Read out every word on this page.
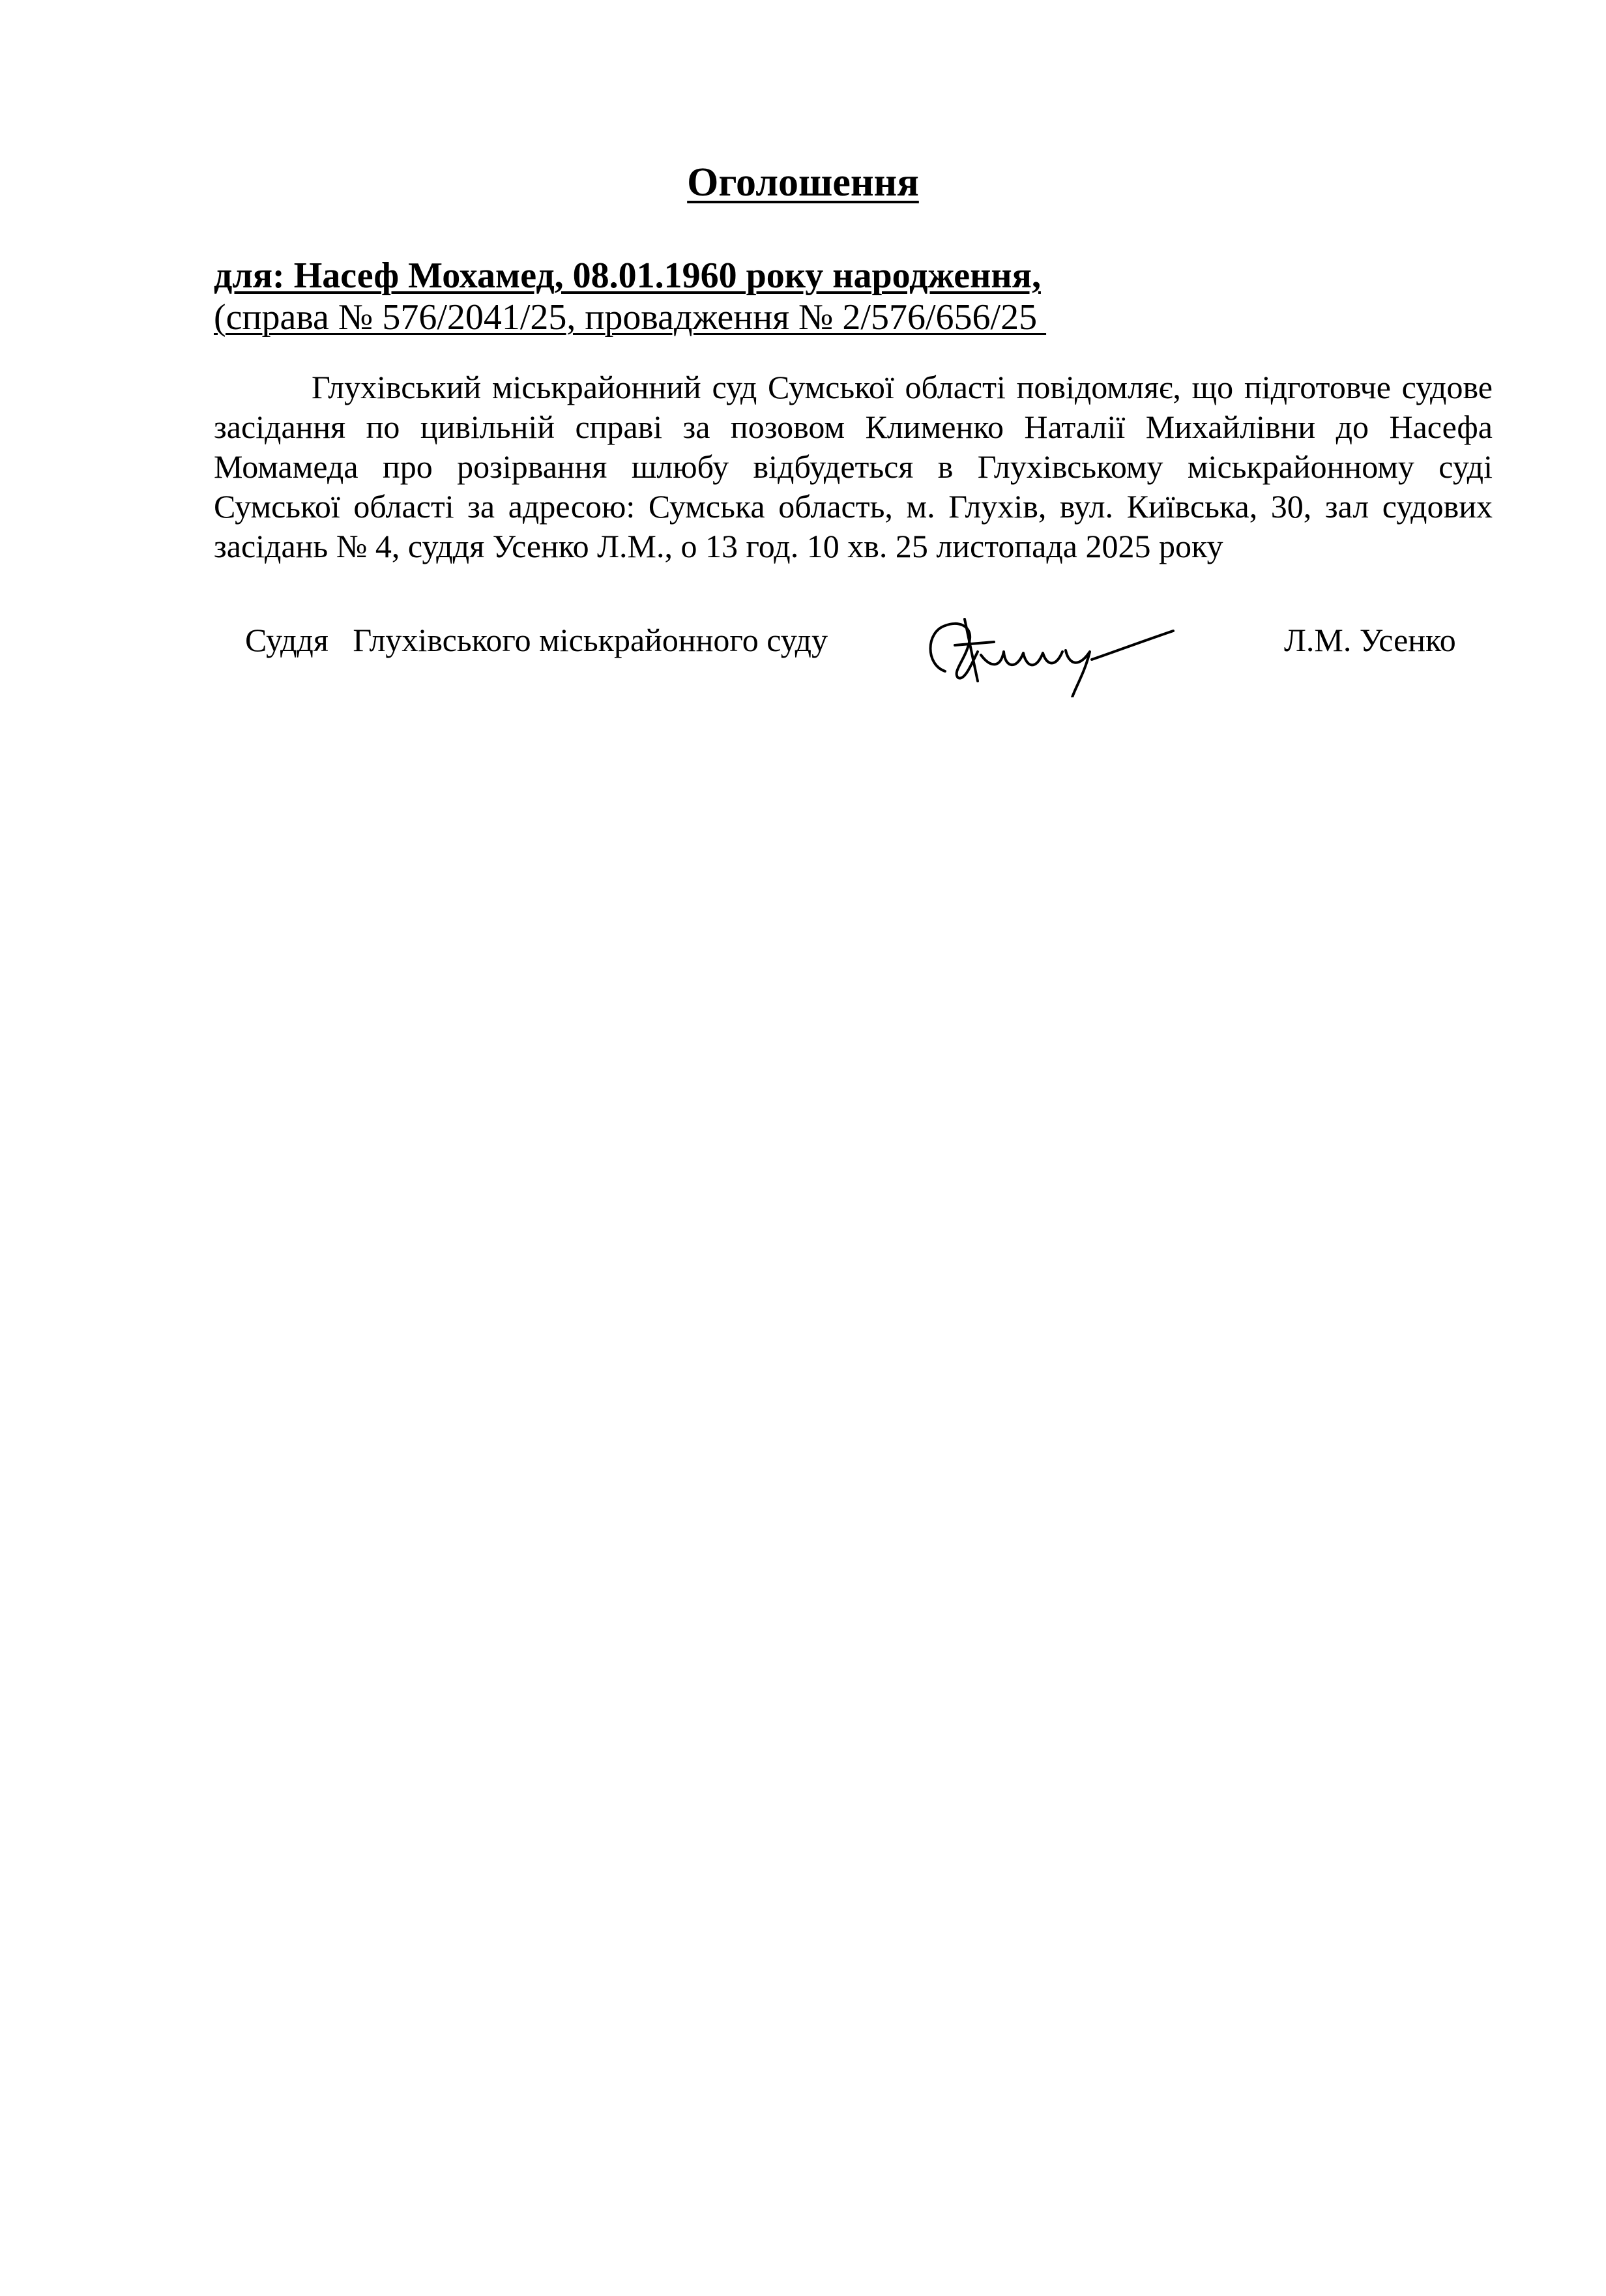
Оголошення
для: Насеф Мохамед, 08.01.1960 року народження,
(справа № 576/2041/25, провадження № 2/576/656/25

Глухівський міськрайонний суд Сумської області повідомляє, що підготовче судове засідання по цивільній справі за позовом Клименко Наталії Михайлівни до Насефа Момамеда про розірвання шлюбу відбудеться в Глухівському міськрайонному суді Сумської області за адресою: Сумська область, м. Глухів, вул. Київська, 30, зал судових засідань № 4, суддя Усенко Л.М., о 13 год. 10 хв. 25 листопада 2025 року

Суддя   Глухівського міськрайонного суду	Л.М. Усенко
